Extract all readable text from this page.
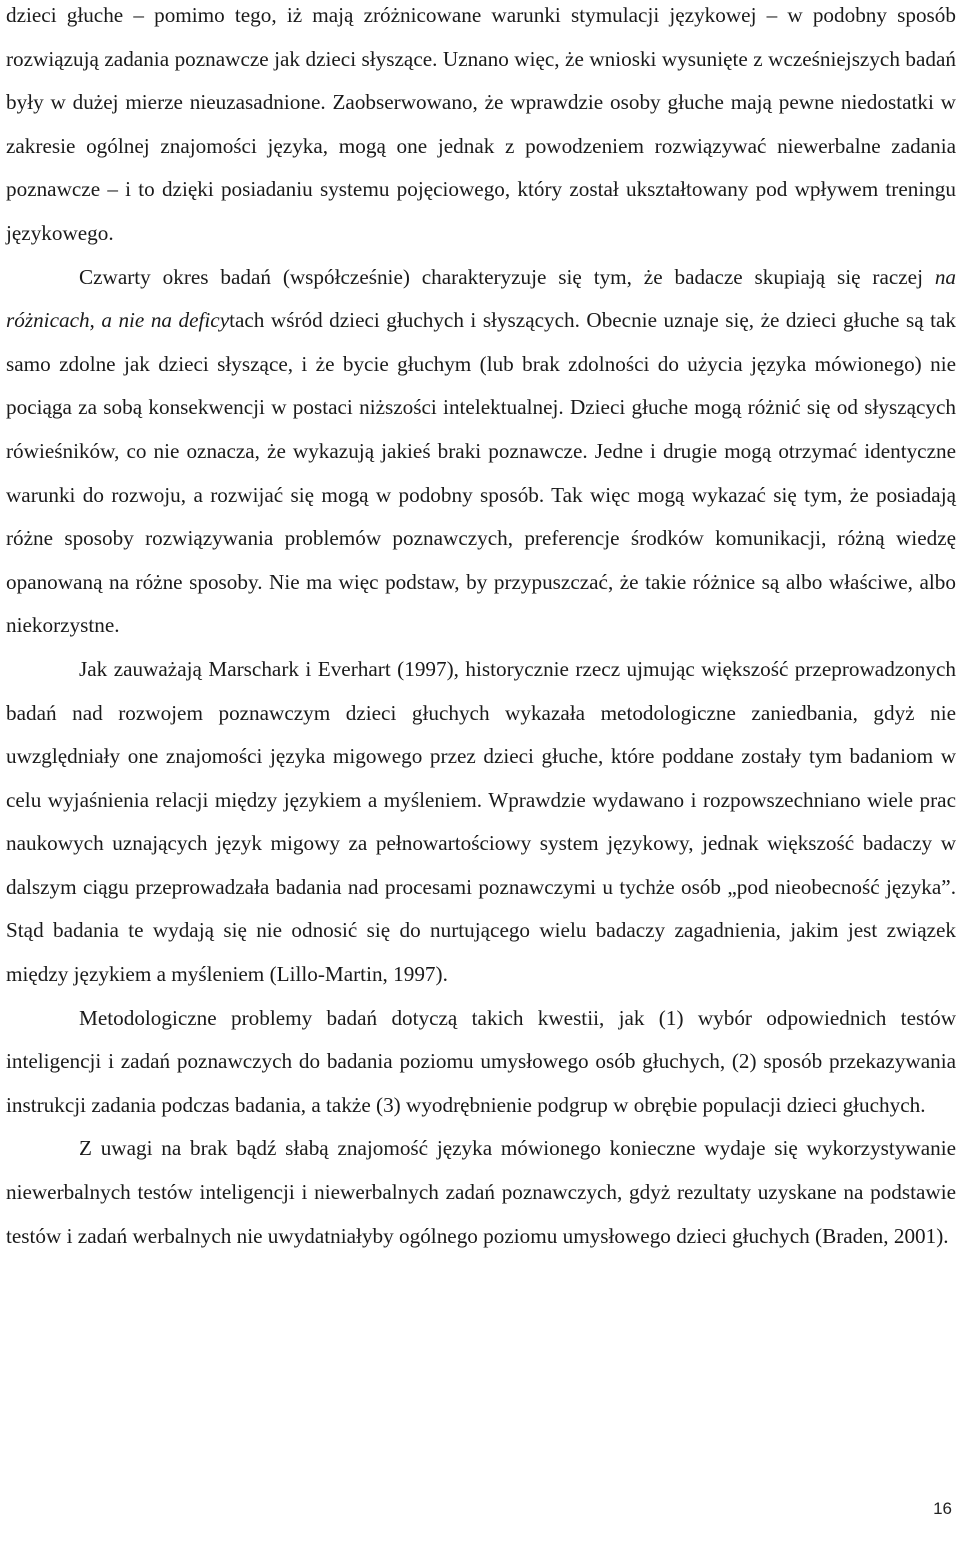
dzieci głuche – pomimo tego, iż mają zróżnicowane warunki stymulacji językowej – w podobny sposób rozwiązują zadania poznawcze jak dzieci słyszące. Uznano więc, że wnioski wysunięte z wcześniejszych badań były w dużej mierze nieuzasadnione. Zaobserwowano, że wprawdzie osoby głuche mają pewne niedostatki w zakresie ogólnej znajomości języka, mogą one jednak z powodzeniem rozwiązywać niewerbalne zadania poznawcze – i to dzięki posiadaniu systemu pojęciowego, który został ukształtowany pod wpływem treningu językowego.

Czwarty okres badań (współcześnie) charakteryzuje się tym, że badacze skupiają się raczej na różnicach, a nie na deficytach wśród dzieci głuchych i słyszących. Obecnie uznaje się, że dzieci głuche są tak samo zdolne jak dzieci słyszące, i że bycie głuchym (lub brak zdolności do użycia języka mówionego) nie pociąga za sobą konsekwencji w postaci niższości intelektualnej. Dzieci głuche mogą różnić się od słyszących rówieśników, co nie oznacza, że wykazują jakieś braki poznawcze. Jedne i drugie mogą otrzymać identyczne warunki do rozwoju, a rozwijać się mogą w podobny sposób. Tak więc mogą wykazać się tym, że posiadają różne sposoby rozwiązywania problemów poznawczych, preferencje środków komunikacji, różną wiedzę opanowaną na różne sposoby. Nie ma więc podstaw, by przypuszczać, że takie różnice są albo właściwe, albo niekorzystne.

Jak zauważają Marschark i Everhart (1997), historycznie rzecz ujmując większość przeprowadzonych badań nad rozwojem poznawczym dzieci głuchych wykazała metodologiczne zaniedbania, gdyż nie uwzględniały one znajomości języka migowego przez dzieci głuche, które poddane zostały tym badaniom w celu wyjaśnienia relacji między językiem a myśleniem. Wprawdzie wydawano i rozpowszechniano wiele prac naukowych uznających język migowy za pełnowartościowy system językowy, jednak większość badaczy w dalszym ciągu przeprowadzała badania nad procesami poznawczymi u tychże osób „pod nieobecność języka”. Stąd badania te wydają się nie odnosić się do nurtującego wielu badaczy zagadnienia, jakim jest związek między językiem a myśleniem (Lillo-Martin, 1997).

Metodologiczne problemy badań dotyczą takich kwestii, jak (1) wybór odpowiednich testów inteligencji i zadań poznawczych do badania poziomu umysłowego osób głuchych, (2) sposób przekazywania instrukcji zadania podczas badania, a także (3) wyodrębnienie podgrup w obrębie populacji dzieci głuchych.

Z uwagi na brak bądź słabą znajomość języka mówionego konieczne wydaje się wykorzystywanie niewerbalnych testów inteligencji i niewerbalnych zadań poznawczych, gdyż rezultaty uzyskane na podstawie testów i zadań werbalnych nie uwydatniałyby ogólnego poziomu umysłowego dzieci głuchych (Braden, 2001).

16
